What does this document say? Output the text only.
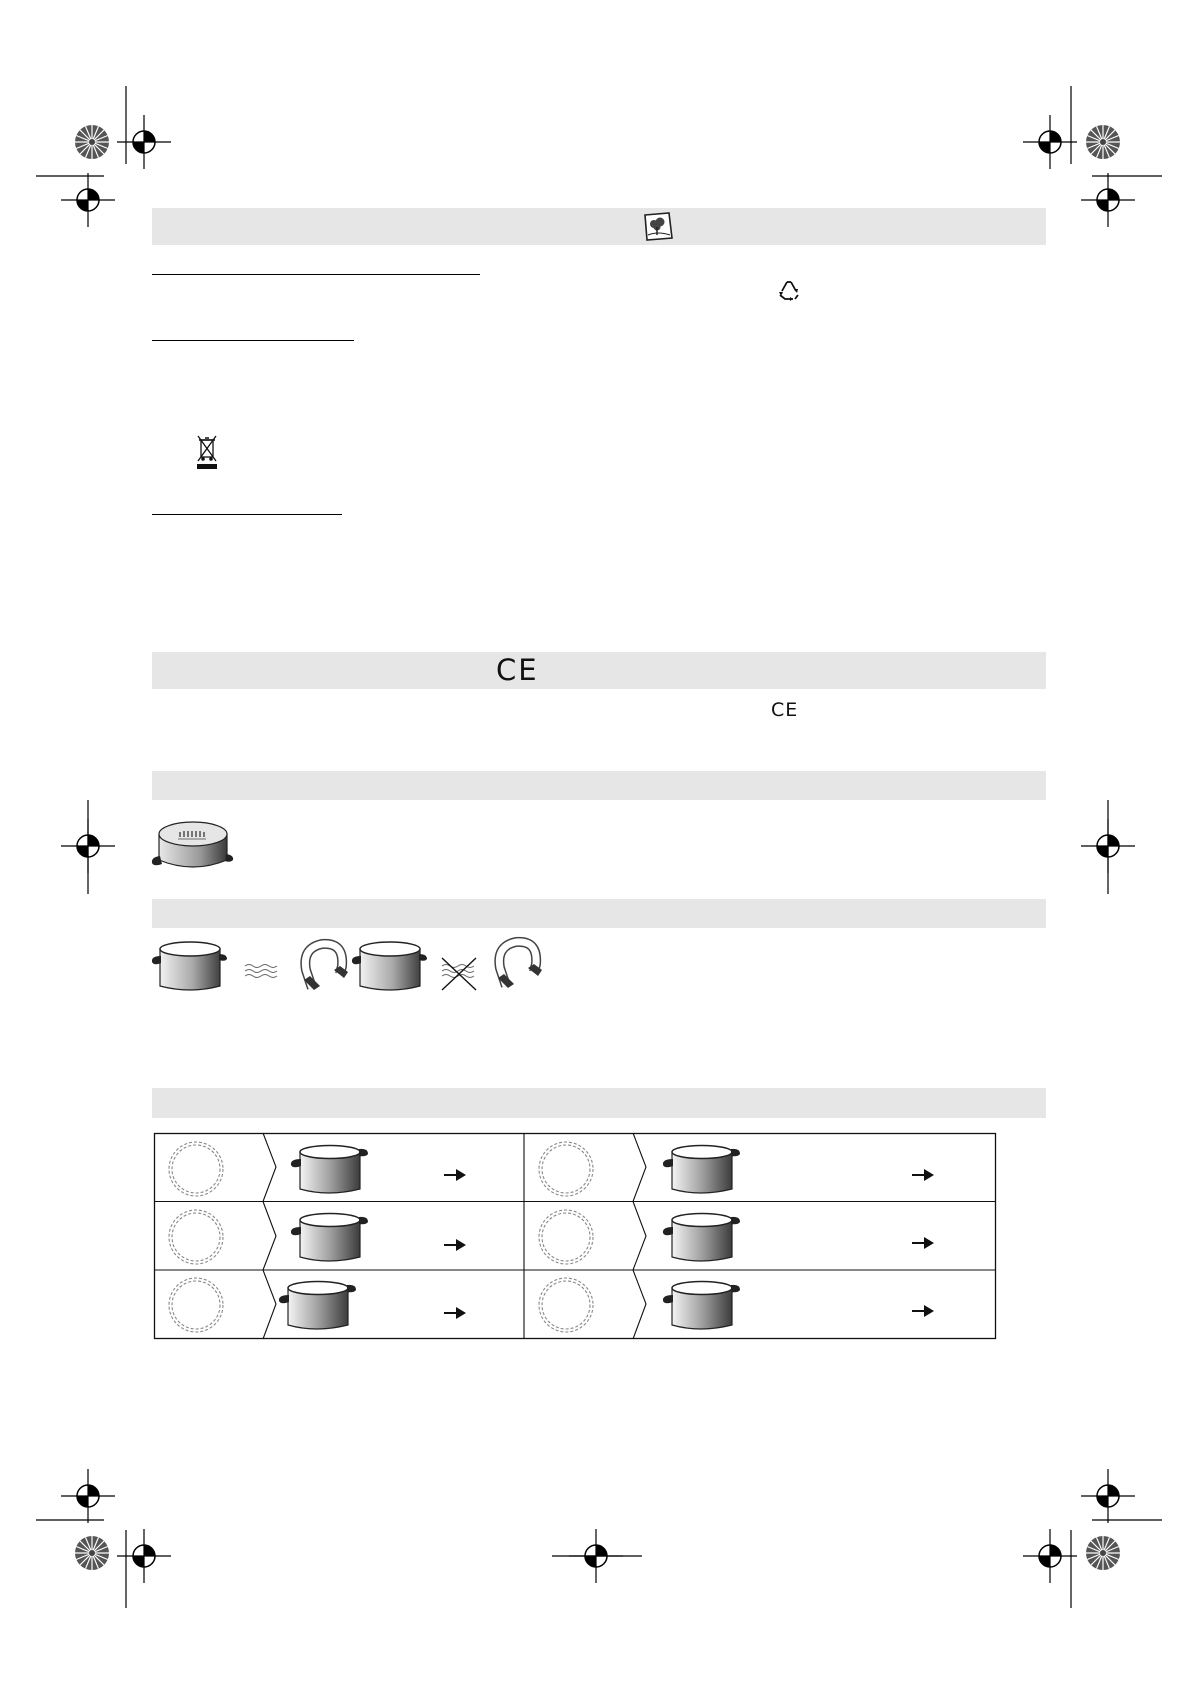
CE
CE
